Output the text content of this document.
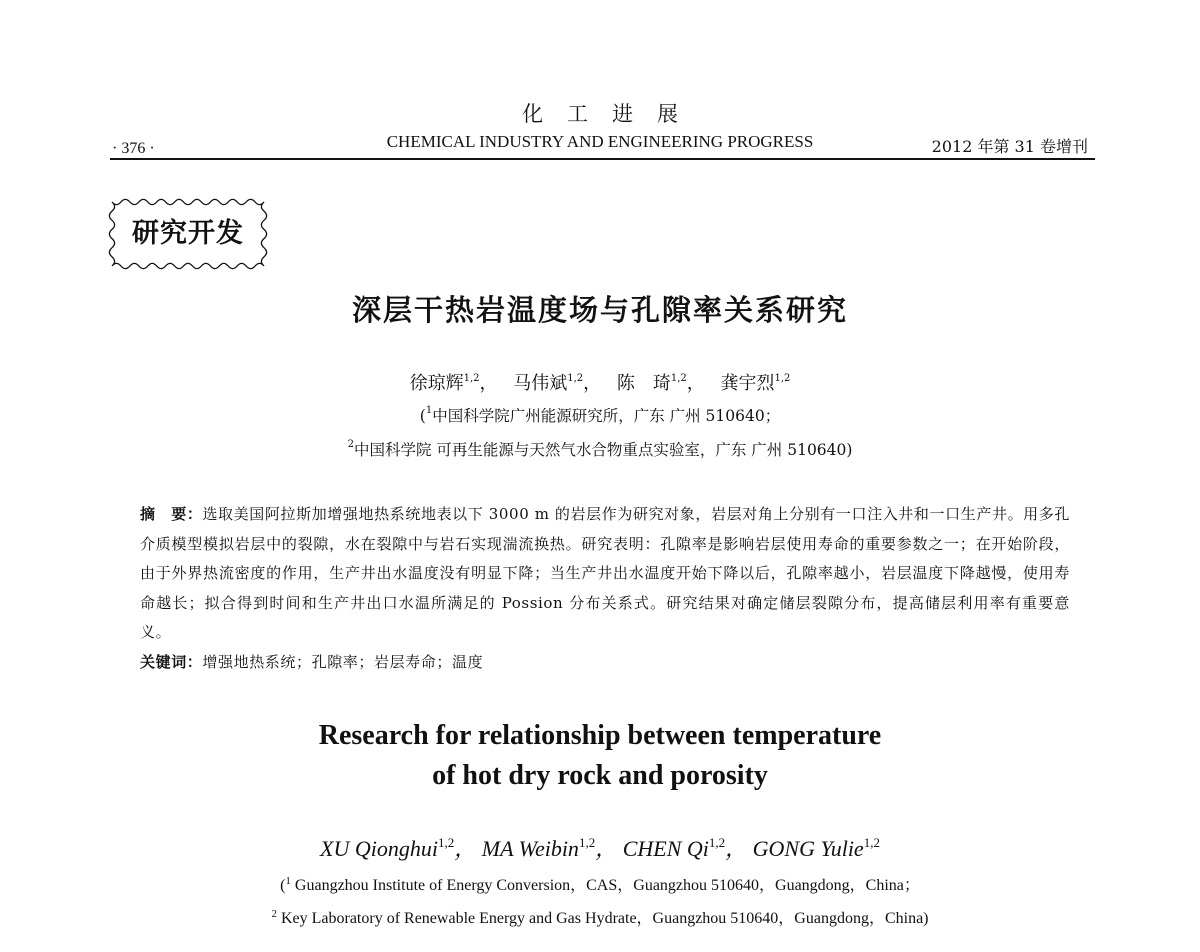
化工进展
· 376 ·	CHEMICAL INDUSTRY AND ENGINEERING PROGRESS	2012 年第 31 卷增刊
研究开发
深层干热岩温度场与孔隙率关系研究
徐琼辉$^{1,2}$， 马伟斌$^{1,2}$， 陈　琦$^{1,2}$， 龚宇烈$^{1,2}$
($^1$中国科学院广州能源研究所，广东 广州 510640；
$^2$中国科学院 可再生能源与天然气水合物重点实验室，广东 广州 510640)
摘　要：选取美国阿拉斯加增强地热系统地表以下 3000 m 的岩层作为研究对象，岩层对角上分别有一口注入井和一口生产井。用多孔介质模型模拟岩层中的裂隙，水在裂隙中与岩石实现湍流换热。研究表明：孔隙率是影响岩层使用寿命的重要参数之一；在开始阶段，由于外界热流密度的作用，生产井出水温度没有明显下降；当生产井出水温度开始下降以后，孔隙率越小，岩层温度下降越慢，使用寿命越长；拟合得到时间和生产井出口水温所满足的 Possion 分布关系式。研究结果对确定储层裂隙分布，提高储层利用率有重要意义。
关键词：增强地热系统；孔隙率；岩层寿命；温度
Research for relationship between temperature
of hot dry rock and porosity
XU Qionghui$^{1,2}$， MA Weibin$^{1,2}$， CHEN Qi$^{1,2}$， GONG Yulie$^{1,2}$
($^1$ Guangzhou Institute of Energy Conversion，CAS，Guangzhou 510640，Guangdong，China；
$^2$ Key Laboratory of Renewable Energy and Gas Hydrate，Guangzhou 510640，Guangdong，China)
